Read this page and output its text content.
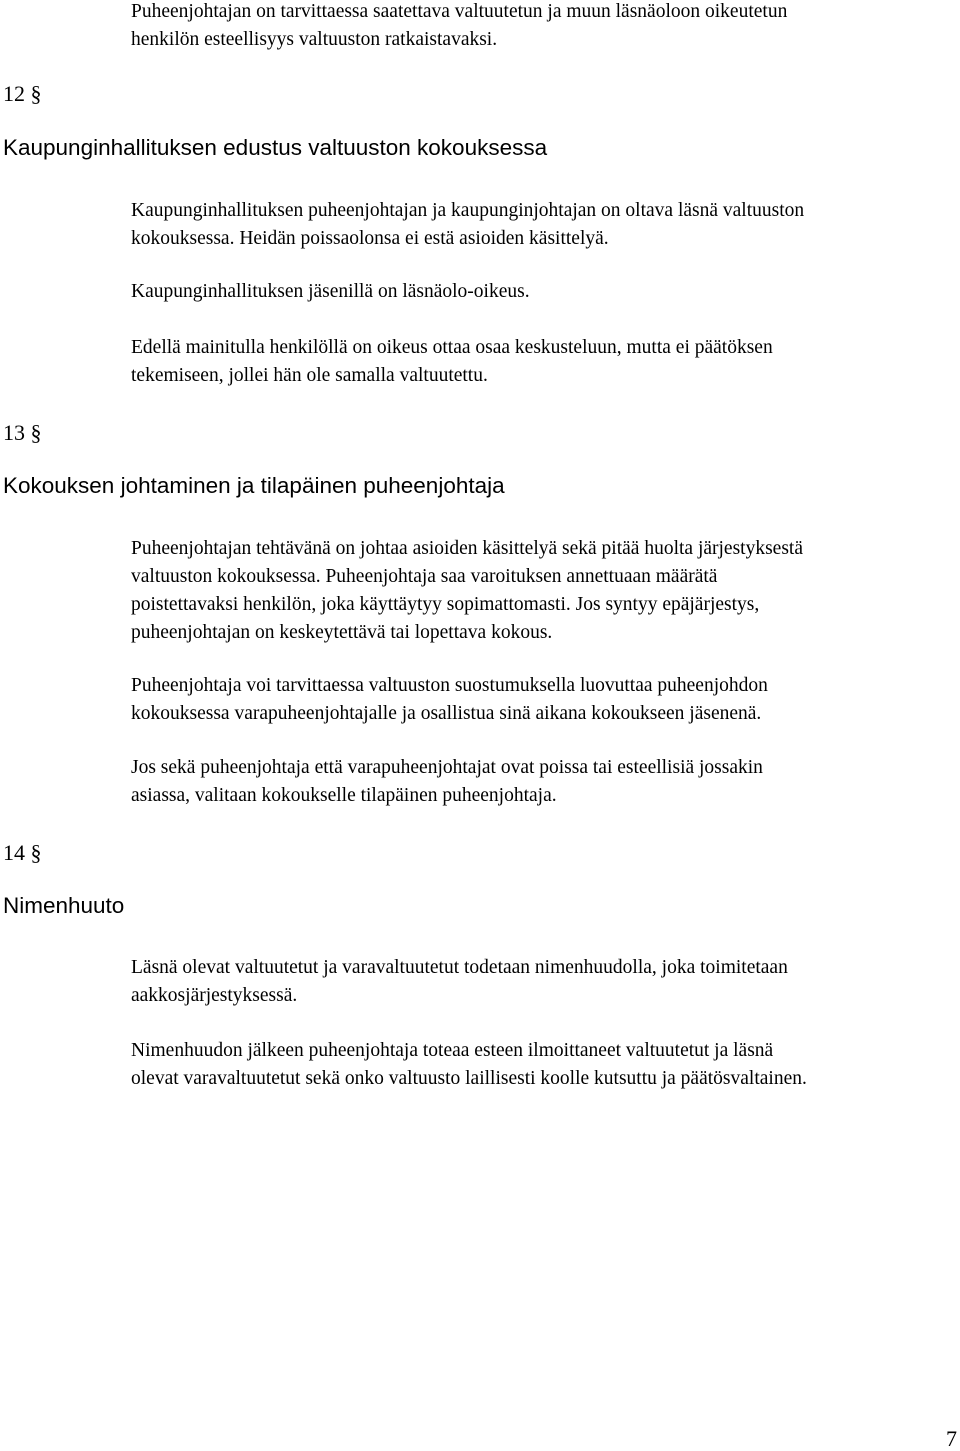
Puheenjohtajan on tarvittaessa saatettava valtuutetun ja muun läsnäoloon oikeutetun
henkilön esteellisyys valtuuston ratkaistavaksi.

12 §

Kaupunginhallituksen edustus valtuuston kokouksessa

Kaupunginhallituksen puheenjohtajan ja kaupunginjohtajan on oltava läsnä valtuuston
kokouksessa. Heidän poissaolonsa ei estä asioiden käsittelyä.

Kaupunginhallituksen jäsenillä on läsnäolo-oikeus.

Edellä mainitulla henkilöllä on oikeus ottaa osaa keskusteluun, mutta ei päätöksen
tekemiseen, jollei hän ole samalla valtuutettu.

13 §

Kokouksen johtaminen ja tilapäinen puheenjohtaja

Puheenjohtajan tehtävänä on johtaa asioiden käsittelyä sekä pitää huolta järjestyksestä
valtuuston kokouksessa. Puheenjohtaja saa varoituksen annettuaan määrätä
poistettavaksi henkilön, joka käyttäytyy sopimattomasti. Jos syntyy epäjärjestys,
puheenjohtajan on keskeytettävä tai lopettava kokous.

Puheenjohtaja voi tarvittaessa valtuuston suostumuksella luovuttaa puheenjohdon
kokouksessa varapuheenjohtajalle ja osallistua sinä aikana kokoukseen jäsenenä.

Jos sekä puheenjohtaja että varapuheenjohtajat ovat poissa tai esteellisiä jossakin
asiassa, valitaan kokoukselle tilapäinen puheenjohtaja.

14 §

Nimenhuuto

Läsnä olevat valtuutetut ja varavaltuutetut todetaan nimenhuudolla, joka toimitetaan
aakkosjärjestyksessä.

Nimenhuudon jälkeen puheenjohtaja toteaa esteen ilmoittaneet valtuutetut ja läsnä
olevat varavaltuutetut sekä onko valtuusto laillisesti koolle kutsuttu ja päätösvaltainen.

7
